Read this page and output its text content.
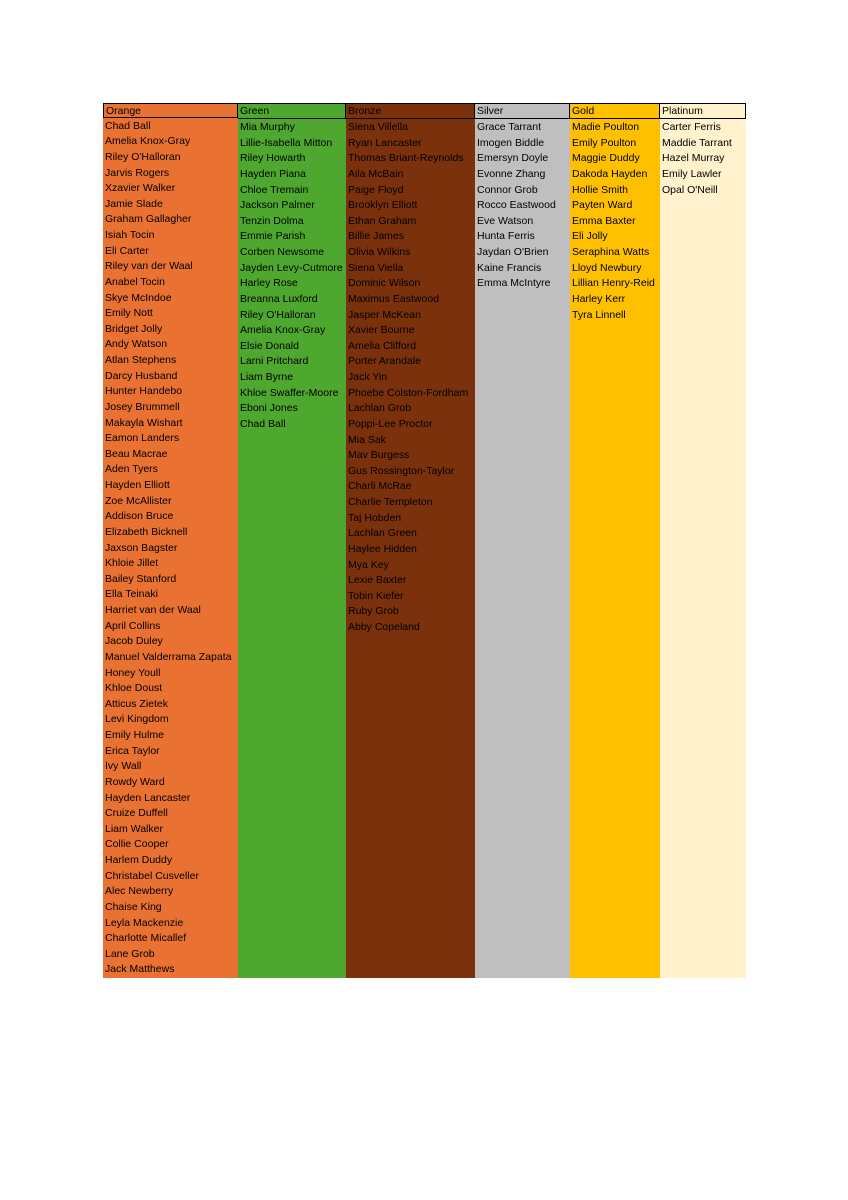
Orange
Chad Ball
Amelia Knox-Gray
Riley O'Halloran
Jarvis Rogers
Xzavier Walker
Jamie Slade
Graham Gallagher
Isiah Tocin
Eli Carter
Riley van der Waal
Anabel Tocin
Skye McIndoe
Emily Nott
Bridget Jolly
Andy Watson
Atlan Stephens
Darcy Husband
Hunter Handebo
Josey Brummell
Makayla Wishart
Eamon Landers
Beau Macrae
Aden Tyers
Hayden Elliott
Zoe McAllister
Addison Bruce
Elizabeth Bicknell
Jaxson Bagster
Khloie Jillet
Bailey Stanford
Ella Teinaki
Harriet van der Waal
April Collins
Jacob Duley
Manuel Valderrama Zapata
Honey Youll
Khloe Doust
Atticus Zietek
Levi Kingdom
Emily Hulme
Erica Taylor
Ivy Wall
Rowdy Ward
Hayden Lancaster
Cruize Duffell
Liam Walker
Collie Cooper
Harlem Duddy
Christabel Cusveller
Alec Newberry
Chaise King
Leyla Mackenzie
Charlotte Micallef
Lane Grob
Jack Matthews
Green
Mia Murphy
Lillie-Isabella Mitton
Riley Howarth
Hayden Piana
Chloe Tremain
Jackson Palmer
Tenzin Dolma
Emmie Parish
Corben Newsome
Jayden Levy-Cutmore
Harley Rose
Breanna Luxford
Riley O'Halloran
Amelia Knox-Gray
Elsie Donald
Larni Pritchard
Liam Byrne
Khloe Swaffer-Moore
Eboni Jones
Chad Ball
Bronze
Siena Villella
Ryan Lancaster
Thomas Briant-Reynolds
Aila McBain
Paige Floyd
Brooklyn Elliott
Ethan Graham
Billie James
Olivia Wilkins
Siena Viella
Dominic Wilson
Maximus Eastwood
Jasper McKean
Xavier Bourne
Amelia Clifford
Porter Arandale
Jack Yin
Phoebe Colston-Fordham
Lachlan Grob
Poppi-Lee Proctor
Mia Sak
Mav Burgess
Gus Rossington-Taylor
Charli McRae
Charlie Templeton
Taj Hobden
Lachlan Green
Haylee Hidden
Mya Key
Lexie Baxter
Tobin Kiefer
Ruby Grob
Abby Copeland
Silver
Grace Tarrant
Imogen Biddle
Emersyn Doyle
Evonne Zhang
Connor Grob
Rocco Eastwood
Eve Watson
Hunta Ferris
Jaydan O'Brien
Kaine Francis
Emma McIntyre
Gold
Madie Poulton
Emily Poulton
Maggie Duddy
Dakoda Hayden
Hollie Smith
Payten Ward
Emma Baxter
Eli Jolly
Seraphina Watts
Lloyd Newbury
Lillian Henry-Reid
Harley Kerr
Tyra Linnell
Platinum
Carter Ferris
Maddie Tarrant
Hazel Murray
Emily Lawler
Opal O'Neill
